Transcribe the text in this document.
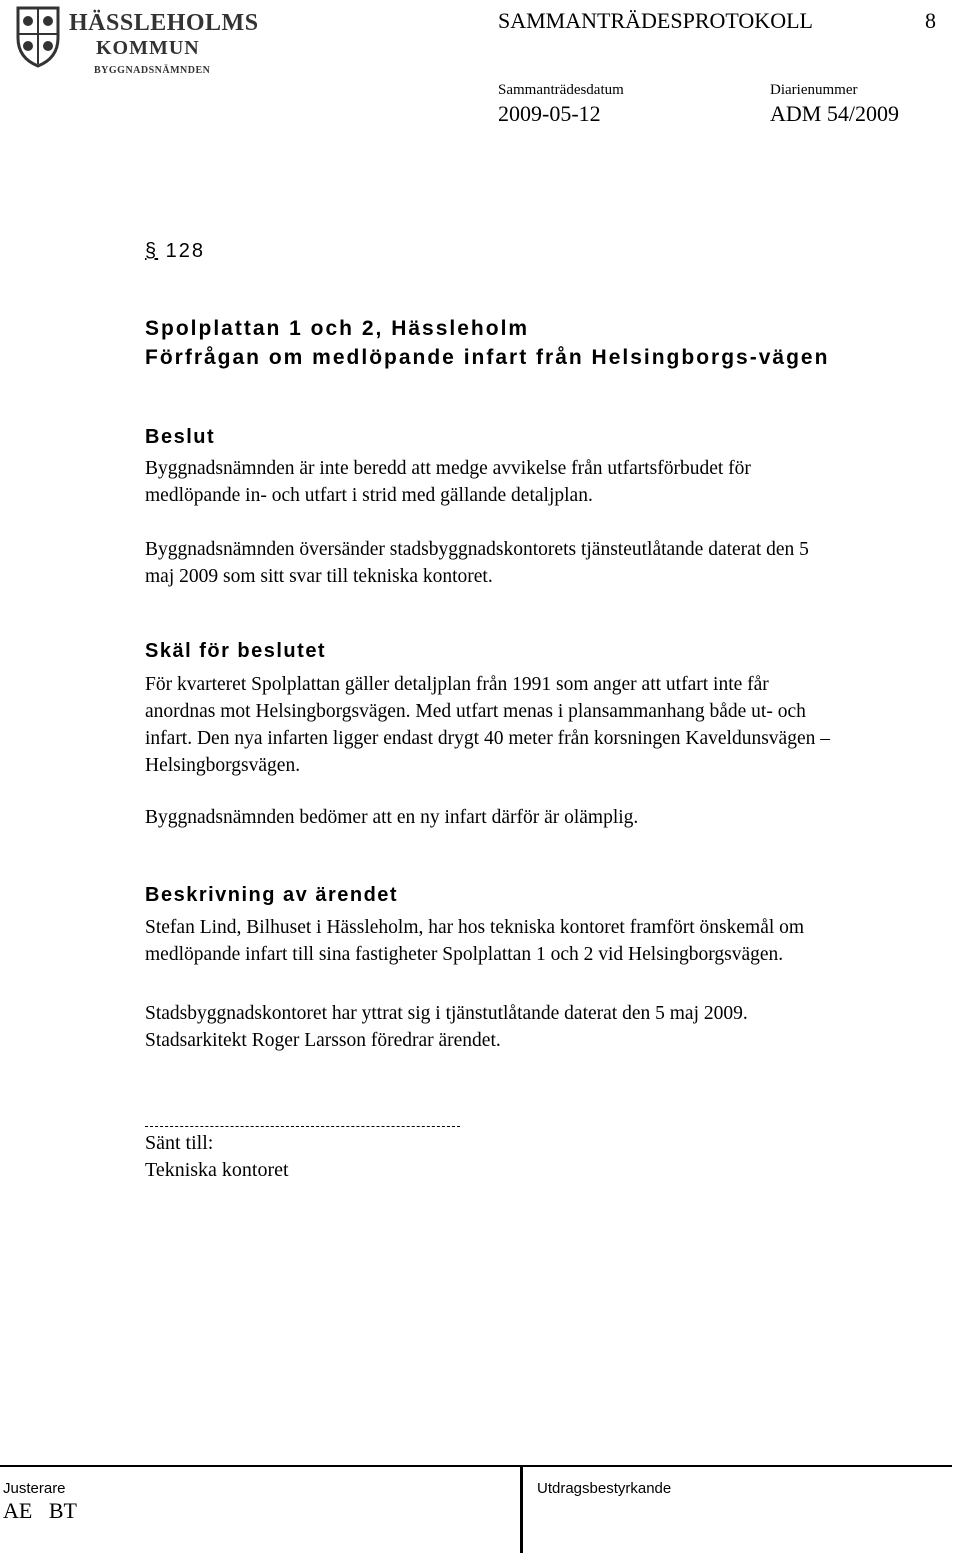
HÄSSLEHOLMS
KOMMUN
BYGGNADSNÄMNDEN
SAMMANTRÄDESPROTOKOLL	8
Sammanträdesdatum
2009-05-12
Diarienummer
ADM 54/2009
§ 128
Spolplattan 1 och 2, Hässleholm
Förfrågan om medlöpande infart från Helsingborgs-vägen
Beslut
Byggnadsnämnden är inte beredd att medge avvikelse från utfartsförbudet för
medlöpande in- och utfart i strid med gällande detaljplan.
Byggnadsnämnden översänder stadsbyggnadskontorets tjänsteutlåtande daterat den 5
maj 2009 som sitt svar till tekniska kontoret.
Skäl för beslutet
För kvarteret Spolplattan gäller detaljplan från 1991 som anger att utfart inte får
anordnas mot Helsingborgsvägen. Med utfart menas i plansammanhang både ut- och
infart. Den nya infarten ligger endast drygt 40 meter från korsningen Kaveldunsvägen –
Helsingborgsvägen.
Byggnadsnämnden bedömer att en ny infart därför är olämplig.
Beskrivning av ärendet
Stefan Lind, Bilhuset i Hässleholm, har hos tekniska kontoret framfört önskemål om
medlöpande infart till sina fastigheter Spolplattan 1 och 2 vid Helsingborgsvägen.
Stadsbyggnadskontoret har yttrat sig i tjänstutlåtande daterat den 5 maj 2009.
Stadsarkitekt Roger Larsson föredrar ärendet.
Sänt till:
Tekniska kontoret
Justerare
AE   BT
Utdragsbestyrkande
